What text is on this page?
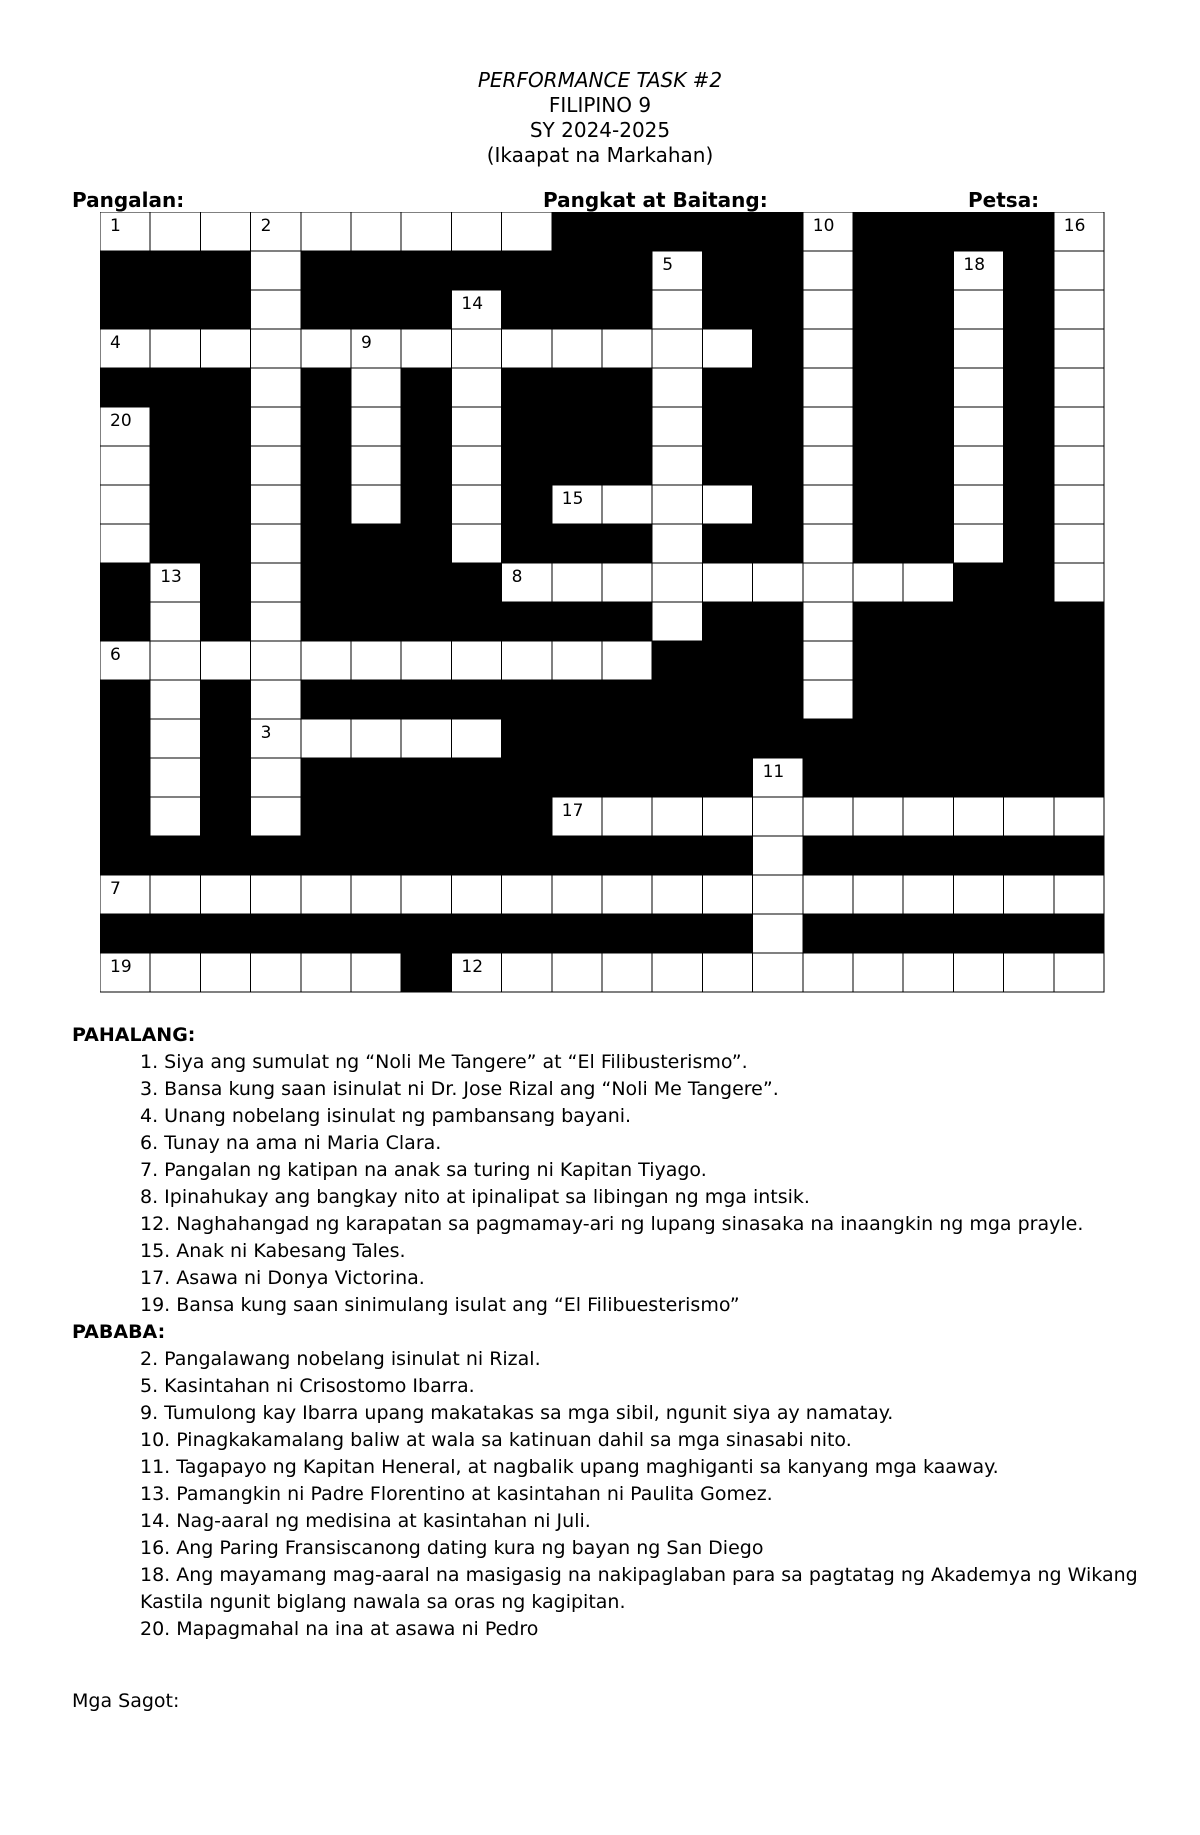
PERFORMANCE TASK #2
FILIPINO 9
SY 2024-2025
(Ikaapat na Markahan)
Pangalan:	Pangkat at Baitang:	Petsa:
1	2	10	16
5	18
14
4	9
20
15
13	8
6
3
11
17
7
19	12
PAHALANG:
1. Siya ang sumulat ng “Noli Me Tangere” at “El Filibusterismo”.
3. Bansa kung saan isinulat ni Dr. Jose Rizal ang “Noli Me Tangere”.
4. Unang nobelang isinulat ng pambansang bayani.
6. Tunay na ama ni Maria Clara.
7. Pangalan ng katipan na anak sa turing ni Kapitan Tiyago.
8. Ipinahukay ang bangkay nito at ipinalipat sa libingan ng mga intsik.
12. Naghahangad ng karapatan sa pagmamay-ari ng lupang sinasaka na inaangkin ng mga prayle.
15. Anak ni Kabesang Tales.
17. Asawa ni Donya Victorina.
19. Bansa kung saan sinimulang isulat ang “El Filibuesterismo”
PABABA:
2. Pangalawang nobelang isinulat ni Rizal.
5. Kasintahan ni Crisostomo Ibarra.
9. Tumulong kay Ibarra upang makatakas sa mga sibil, ngunit siya ay namatay.
10. Pinagkakamalang baliw at wala sa katinuan dahil sa mga sinasabi nito.
11. Tagapayo ng Kapitan Heneral, at nagbalik upang maghiganti sa kanyang mga kaaway.
13. Pamangkin ni Padre Florentino at kasintahan ni Paulita Gomez.
14. Nag-aaral ng medisina at kasintahan ni Juli.
16. Ang Paring Fransiscanong dating kura ng bayan ng San Diego
18. Ang mayamang mag-aaral na masigasig na nakipaglaban para sa pagtatag ng Akademya ng Wikang Kastila ngunit biglang nawala sa oras ng kagipitan.
20. Mapagmahal na ina at asawa ni Pedro
Mga Sagot:
